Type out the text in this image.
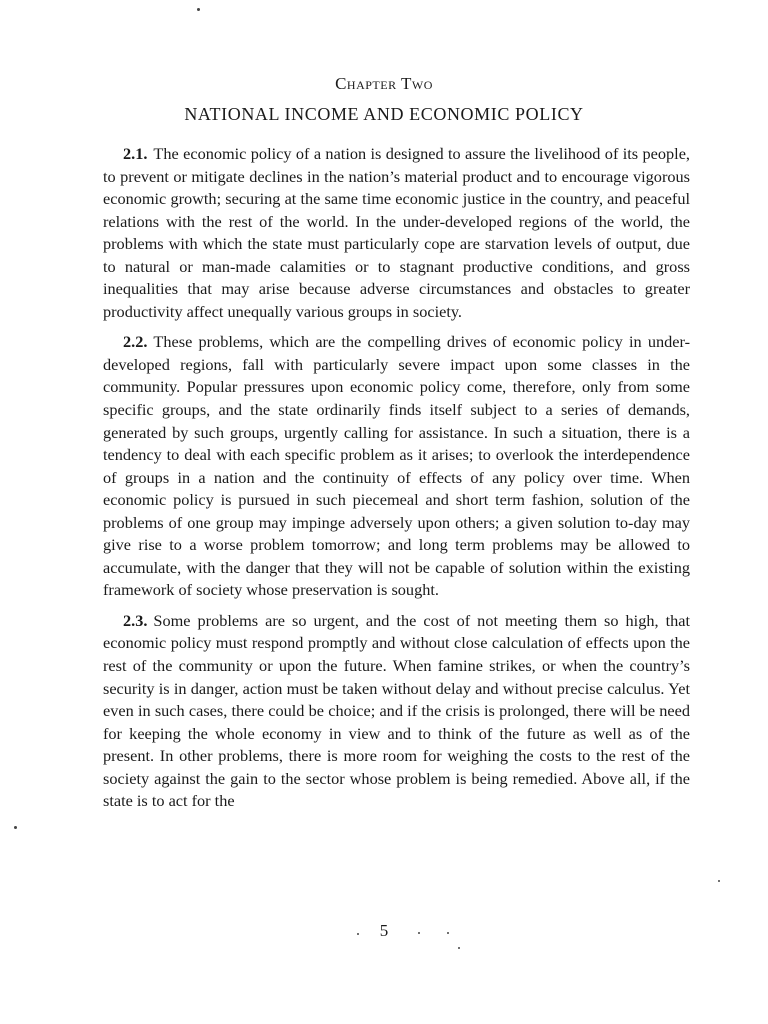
Chapter Two
NATIONAL INCOME AND ECONOMIC POLICY

2.1. The economic policy of a nation is designed to assure the livelihood of its people, to prevent or mitigate declines in the nation’s material product and to encourage vigorous economic growth; securing at the same time economic justice in the country, and peaceful relations with the rest of the world. In the under-developed regions of the world, the problems with which the state must particularly cope are starvation levels of output, due to natural or man-made calamities or to stagnant productive conditions, and gross inequalities that may arise because adverse circumstances and obstacles to greater productivity affect unequally various groups in society.

2.2. These problems, which are the compelling drives of economic policy in under-developed regions, fall with particularly severe impact upon some classes in the community. Popular pressures upon economic policy come, therefore, only from some specific groups, and the state ordinarily finds itself subject to a series of demands, generated by such groups, urgently calling for assistance. In such a situation, there is a tendency to deal with each specific problem as it arises; to overlook the interdependence of groups in a nation and the continuity of effects of any policy over time. When economic policy is pursued in such piecemeal and short term fashion, solution of the problems of one group may impinge adversely upon others; a given solution to-day may give rise to a worse problem tomorrow; and long term problems may be allowed to accumulate, with the danger that they will not be capable of solution within the existing framework of society whose preservation is sought.

2.3. Some problems are so urgent, and the cost of not meeting them so high, that economic policy must respond promptly and without close calculation of effects upon the rest of the community or upon the future. When famine strikes, or when the country’s security is in danger, action must be taken without delay and without precise calculus. Yet even in such cases, there could be choice; and if the crisis is prolonged, there will be need for keeping the whole economy in view and to think of the future as well as of the present. In other problems, there is more room for weighing the costs to the rest of the society against the gain to the sector whose problem is being remedied. Above all, if the state is to act for the

5
